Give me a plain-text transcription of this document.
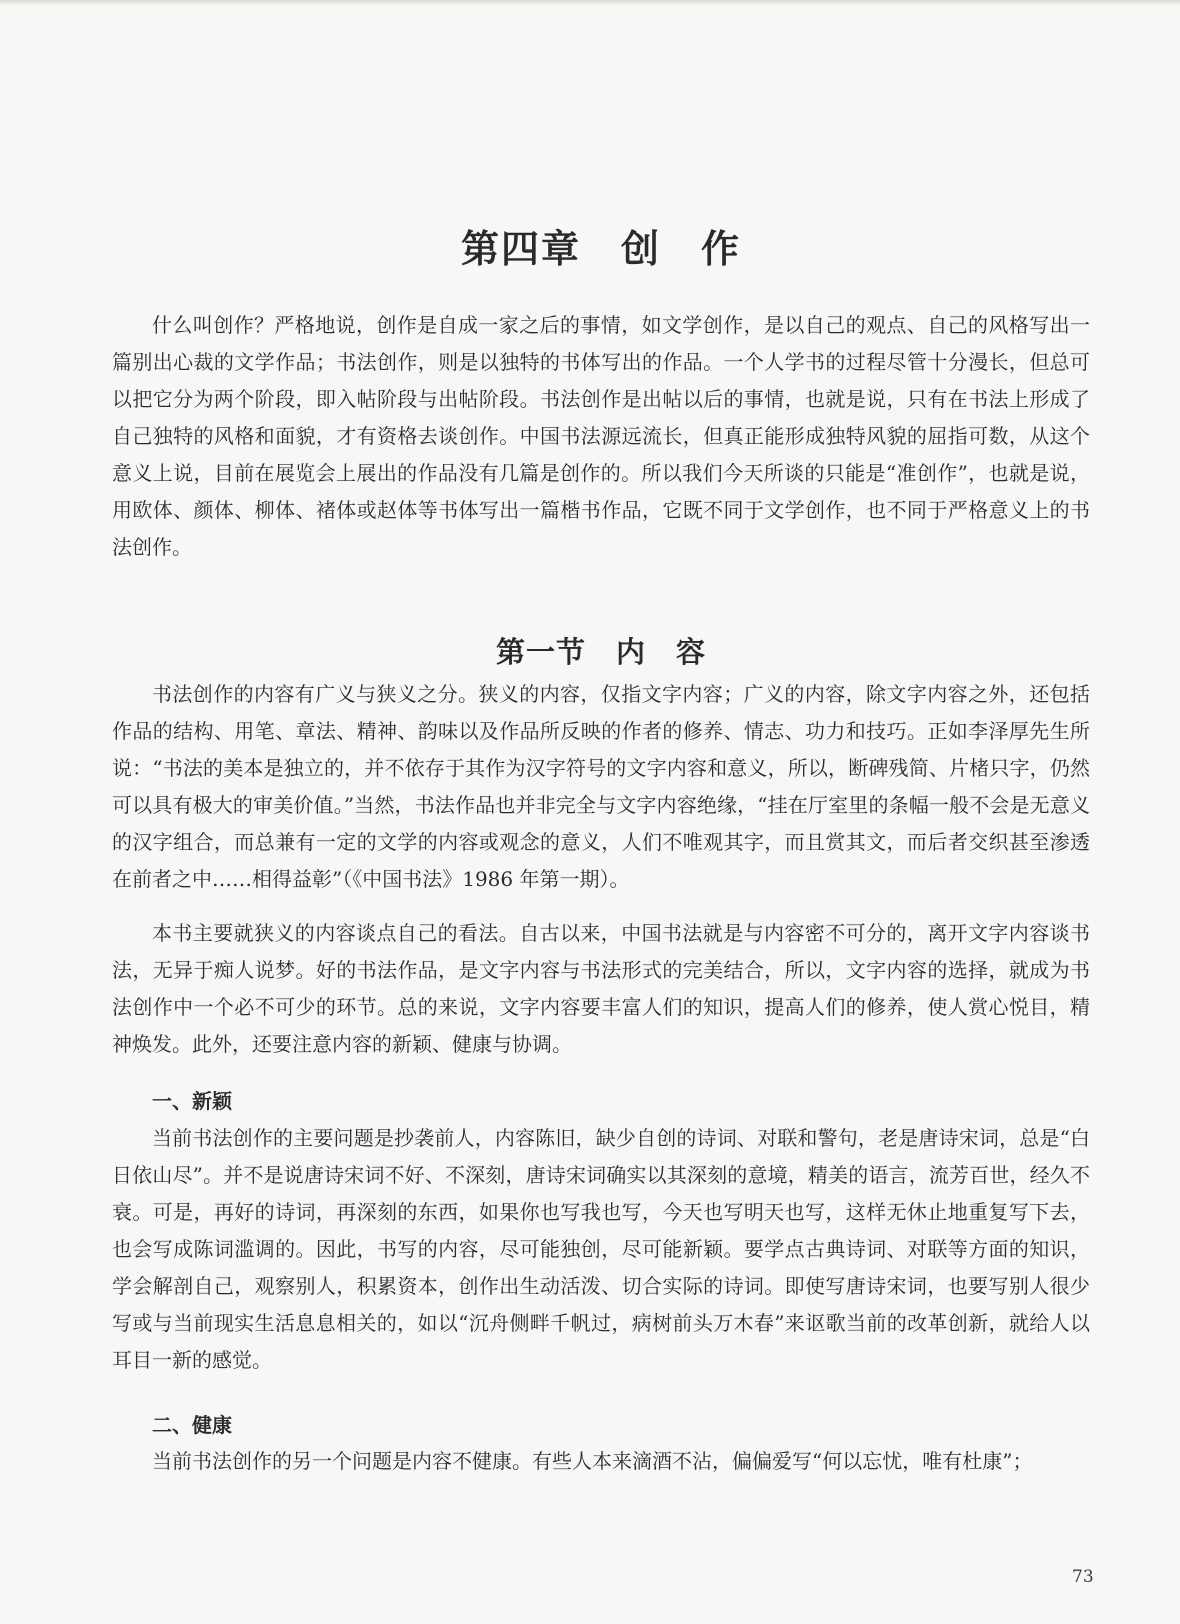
第四章　创　作

什么叫创作？严格地说，创作是自成一家之后的事情，如文学创作，是以自己的观点、自己的风格写出一篇别出心裁的文学作品；书法创作，则是以独特的书体写出的作品。一个人学书的过程尽管十分漫长，但总可以把它分为两个阶段，即入帖阶段与出帖阶段。书法创作是出帖以后的事情，也就是说，只有在书法上形成了自己独特的风格和面貌，才有资格去谈创作。中国书法源远流长，但真正能形成独特风貌的屈指可数，从这个意义上说，目前在展览会上展出的作品没有几篇是创作的。所以我们今天所谈的只能是“准创作”，也就是说，用欧体、颜体、柳体、褚体或赵体等书体写出一篇楷书作品，它既不同于文学创作，也不同于严格意义上的书法创作。

第一节　内　容

书法创作的内容有广义与狭义之分。狭义的内容，仅指文字内容；广义的内容，除文字内容之外，还包括作品的结构、用笔、章法、精神、韵味以及作品所反映的作者的修养、情志、功力和技巧。正如李泽厚先生所说：“书法的美本是独立的，并不依存于其作为汉字符号的文字内容和意义，所以，断碑残简、片楮只字，仍然可以具有极大的审美价值。”当然，书法作品也并非完全与文字内容绝缘，“挂在厅室里的条幅一般不会是无意义的汉字组合，而总兼有一定的文学的内容或观念的意义，人们不唯观其字，而且赏其文，而后者交织甚至渗透在前者之中……相得益彰”（《中国书法》1986 年第一期）。

本书主要就狭义的内容谈点自己的看法。自古以来，中国书法就是与内容密不可分的，离开文字内容谈书法，无异于痴人说梦。好的书法作品，是文字内容与书法形式的完美结合，所以，文字内容的选择，就成为书法创作中一个必不可少的环节。总的来说，文字内容要丰富人们的知识，提高人们的修养，使人赏心悦目，精神焕发。此外，还要注意内容的新颖、健康与协调。

一、新颖

当前书法创作的主要问题是抄袭前人，内容陈旧，缺少自创的诗词、对联和警句，老是唐诗宋词，总是“白日依山尽”。并不是说唐诗宋词不好、不深刻，唐诗宋词确实以其深刻的意境，精美的语言，流芳百世，经久不衰。可是，再好的诗词，再深刻的东西，如果你也写我也写，今天也写明天也写，这样无休止地重复写下去，也会写成陈词滥调的。因此，书写的内容，尽可能独创，尽可能新颖。要学点古典诗词、对联等方面的知识，学会解剖自己，观察别人，积累资本，创作出生动活泼、切合实际的诗词。即使写唐诗宋词，也要写别人很少写或与当前现实生活息息相关的，如以“沉舟侧畔千帆过，病树前头万木春”来讴歌当前的改革创新，就给人以耳目一新的感觉。

二、健康

当前书法创作的另一个问题是内容不健康。有些人本来滴酒不沾，偏偏爱写“何以忘忧，唯有杜康”；

73
